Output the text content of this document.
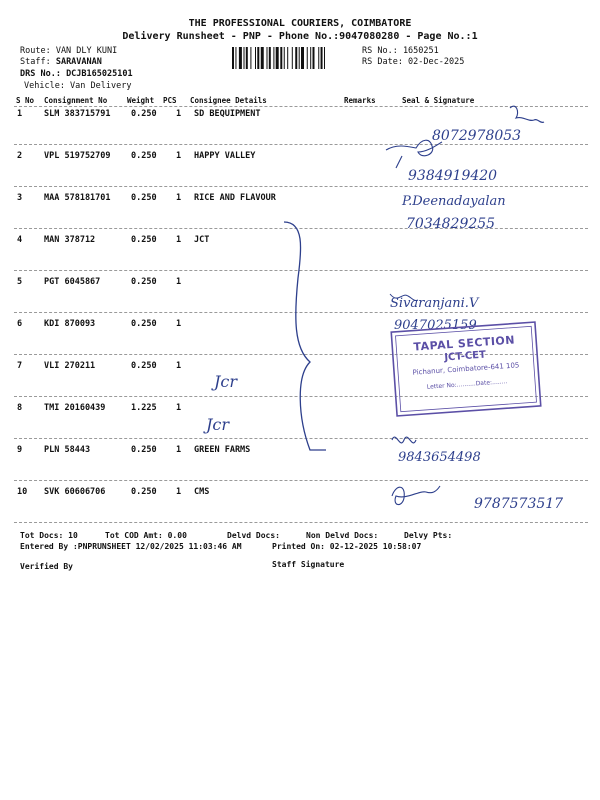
THE PROFESSIONAL COURIERS, COIMBATORE
Delivery Runsheet - PNP - Phone No.:9047080280 - Page No.:1
Route: VAN DLY KUNI
Staff: SARAVANAN
DRS No.: DCJB165025101
Vehicle: Van Delivery
RS No.: 1650251
RS Date: 02-Dec-2025
S No Consignment No	Weight PCS Consignee Details	Remarks	Seal & Signature
1	SLM 383715791 0.250 1 SD BEQUIPMENT
2	VPL 519752709 0.250 1 HAPPY VALLEY
3	MAA 578181701 0.250 1 RICE AND FLAVOUR
4	MAN 378712	0.250 1 JCT
5	PGT 6045867	0.250 1
6	KDI 870093	0.250 1
7	VLI 270211	0.250 1
8	TMI 20160439	1.225 1
9	PLN 58443	0.250 1 GREEN FARMS
10 SVK 60606706	0.250 1 CMS
Jcr
Jcr
8072978053
9384919420
P.Deenadayalan
7034829255
Sivaranjani.V
9047025159
9843654498
9787573517
TAPAL SECTION
JCT-CET
Pichanur, Coimbatore-641 105
Letter No:..........Date:........
Tot Docs: 10	Tot COD Amt: 0.00	Delvd Docs:	Non Delvd Docs:	Delvy Pts:
Entered By :PNPRUNSHEET 12/02/2025 11:03:46 AM	Printed On: 02-12-2025 10:58:07
Verified By	Staff Signature
